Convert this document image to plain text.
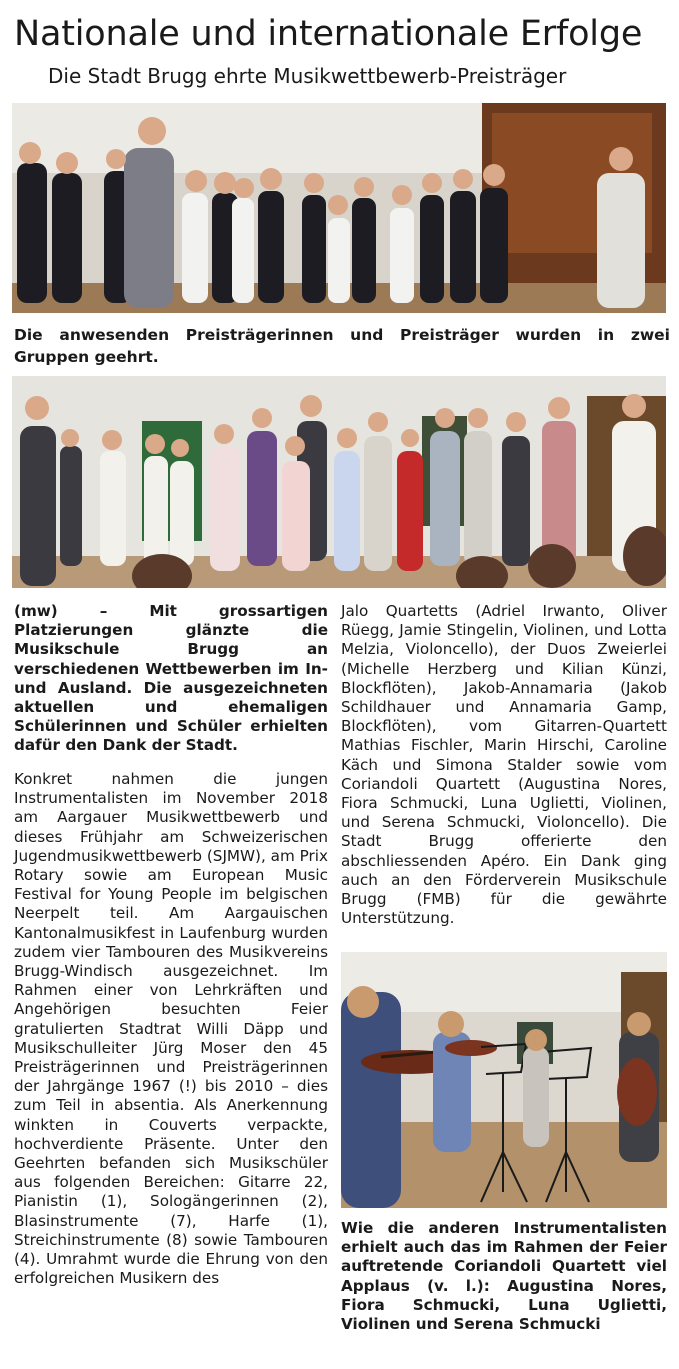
Nationale und internationale Erfolge
Die Stadt Brugg ehrte Musikwettbewerb-Preisträger
Die anwesenden Preisträgerinnen und Preisträger wurden in zwei Gruppen geehrt.

(mw) – Mit grossartigen Platzierungen glänzte die Musikschule Brugg an verschiedenen Wettbewerben im In- und Ausland. Die ausgezeichneten aktuellen und ehemaligen Schülerinnen und Schüler erhielten dafür den Dank der Stadt.

Konkret nahmen die jungen Instrumentalisten im November 2018 am Aargauer Musikwettbewerb und dieses Frühjahr am Schweizerischen Jugendmusikwettbewerb (SJMW), am Prix Rotary sowie am European Music Festival for Young People im belgischen Neerpelt teil. Am Aargauischen Kantonalmusikfest in Laufenburg wurden zudem vier Tambouren des Musikvereins Brugg-Windisch ausgezeichnet. Im Rahmen einer von Lehrkräften und Angehörigen besuchten Feier gratulierten Stadtrat Willi Däpp und Musikschulleiter Jürg Moser den 45 Preisträgerinnen und Preisträgerinnen der Jahrgänge 1967 (!) bis 2010 – dies zum Teil in absentia. Als Anerkennung winkten in Couverts verpackte, hochverdiente Präsente. Unter den Geehrten befanden sich Musikschüler aus folgenden Bereichen: Gitarre 22, Pianistin (1), Sologängerinnen (2), Blasinstrumente (7), Harfe (1), Streichinstrumente (8) sowie Tambouren (4). Umrahmt wurde die Ehrung von den erfolgreichen Musikern des

Jalo Quartetts (Adriel Irwanto, Oliver Rüegg, Jamie Stingelin, Violinen, und Lotta Melzia, Violoncello), der Duos Zweierlei (Michelle Herzberg und Kilian Künzi, Blockflöten), Jakob-Annamaria (Jakob Schildhauer und Annamaria Gamp, Blockflöten), vom Gitarren-Quartett Mathias Fischler, Marin Hirschi, Caroline Käch und Simona Stalder sowie vom Coriandoli Quartett (Augustina Nores, Fiora Schmucki, Luna Uglietti, Violinen, und Serena Schmucki, Violoncello). Die Stadt Brugg offerierte den abschliessenden Apéro. Ein Dank ging auch an den Förderverein Musikschule Brugg (FMB) für die gewährte Unterstützung.

Wie die anderen Instrumentalisten erhielt auch das im Rahmen der Feier auftretende Coriandoli Quartett viel Applaus (v. l.): Augustina Nores, Fiora Schmucki, Luna Uglietti, Violinen und Serena Schmucki
